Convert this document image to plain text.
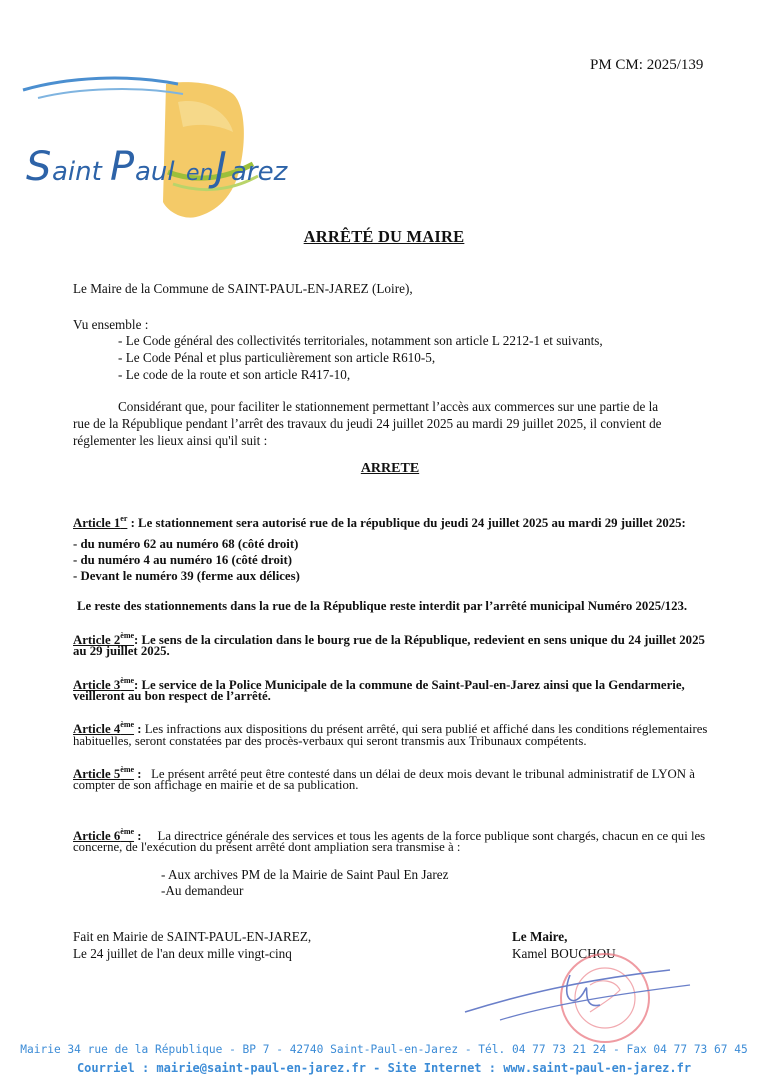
PM CM: 2025/139
S aint P aul en J arez
ARRÊTÉ DU MAIRE
Le Maire de la Commune de SAINT-PAUL-EN-JAREZ (Loire),
Vu ensemble :
- Le Code général des collectivités territoriales, notamment son article L 2212-1 et suivants,
- Le Code Pénal et plus particulièrement son article R610-5,
- Le code de la route et son article R417-10,
Considérant que, pour faciliter le stationnement permettant l’accès aux commerces sur une partie de la
rue de la République pendant l’arrêt des travaux du jeudi 24 juillet 2025 au mardi 29 juillet 2025, il convient de
réglementer les lieux ainsi qu'il suit :
ARRETE
Article 1er : Le stationnement sera autorisé rue de la république du jeudi 24 juillet 2025 au mardi 29 juillet 2025:
- du numéro 62 au numéro 68 (côté droit)
- du numéro 4 au numéro 16 (côté droit)
- Devant le numéro 39 (ferme aux délices)
Le reste des stationnements dans la rue de la République reste interdit par l’arrêté municipal Numéro 2025/123.
Article 2ème: Le sens de la circulation dans le bourg rue de la République, redevient en sens unique du 24 juillet 2025
au 29 juillet 2025.
Article 3ème: Le service de la Police Municipale de la commune de Saint-Paul-en-Jarez ainsi que la Gendarmerie,
veilleront au bon respect de l’arrêté.
Article 4ème : Les infractions aux dispositions du présent arrêté, qui sera publié et affiché dans les conditions réglementaires
habituelles, seront constatées par des procès-verbaux qui seront transmis aux Tribunaux compétents.
Article 5ème : Le présent arrêté peut être contesté dans un délai de deux mois devant le tribunal administratif de LYON à
compter de son affichage en mairie et de sa publication.
Article 6ème : La directrice générale des services et tous les agents de la force publique sont chargés, chacun en ce qui les
concerne, de l'exécution du présent arrêté dont ampliation sera transmise à :
- Aux archives PM de la Mairie de Saint Paul En Jarez
-Au demandeur
Fait en Mairie de SAINT-PAUL-EN-JAREZ,
Le 24 juillet de l'an deux mille vingt-cinq
Le Maire,
Kamel BOUCHOU
Mairie 34 rue de la République - BP 7 - 42740 Saint-Paul-en-Jarez - Tél. 04 77 73 21 24 - Fax 04 77 73 67 45
Courriel : mairie@saint-paul-en-jarez.fr - Site Internet : www.saint-paul-en-jarez.fr
